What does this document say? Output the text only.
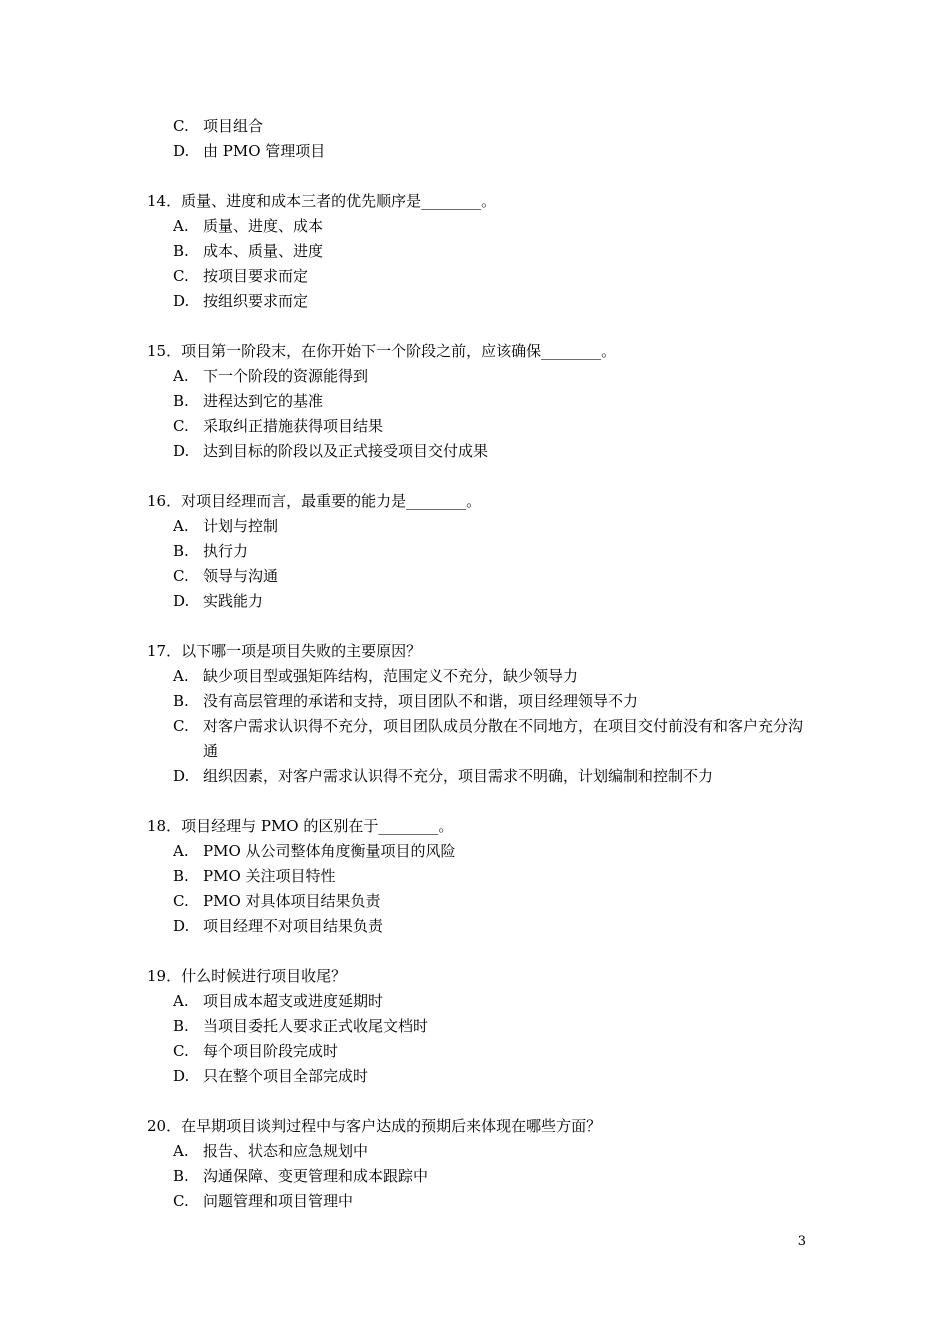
C. 项目组合
D. 由 PMO 管理项目
14．质量、进度和成本三者的优先顺序是________。
A. 质量、进度、成本
B. 成本、质量、进度
C. 按项目要求而定
D. 按组织要求而定
15．项目第一阶段末，在你开始下一个阶段之前，应该确保________。
A. 下一个阶段的资源能得到
B. 进程达到它的基准
C. 采取纠正措施获得项目结果
D. 达到目标的阶段以及正式接受项目交付成果
16．对项目经理而言，最重要的能力是________。
A. 计划与控制
B. 执行力
C. 领导与沟通
D. 实践能力
17．以下哪一项是项目失败的主要原因？
A. 缺少项目型或强矩阵结构，范围定义不充分，缺少领导力
B. 没有高层管理的承诺和支持，项目团队不和谐，项目经理领导不力
C. 对客户需求认识得不充分，项目团队成员分散在不同地方，在项目交付前没有和客户充分沟通
D. 组织因素，对客户需求认识得不充分，项目需求不明确，计划编制和控制不力
18．项目经理与 PMO 的区别在于________。
A. PMO 从公司整体角度衡量项目的风险
B. PMO 关注项目特性
C. PMO 对具体项目结果负责
D. 项目经理不对项目结果负责
19．什么时候进行项目收尾？
A. 项目成本超支或进度延期时
B. 当项目委托人要求正式收尾文档时
C. 每个项目阶段完成时
D. 只在整个项目全部完成时
20．在早期项目谈判过程中与客户达成的预期后来体现在哪些方面？
A. 报告、状态和应急规划中
B. 沟通保障、变更管理和成本跟踪中
C. 问题管理和项目管理中
3
